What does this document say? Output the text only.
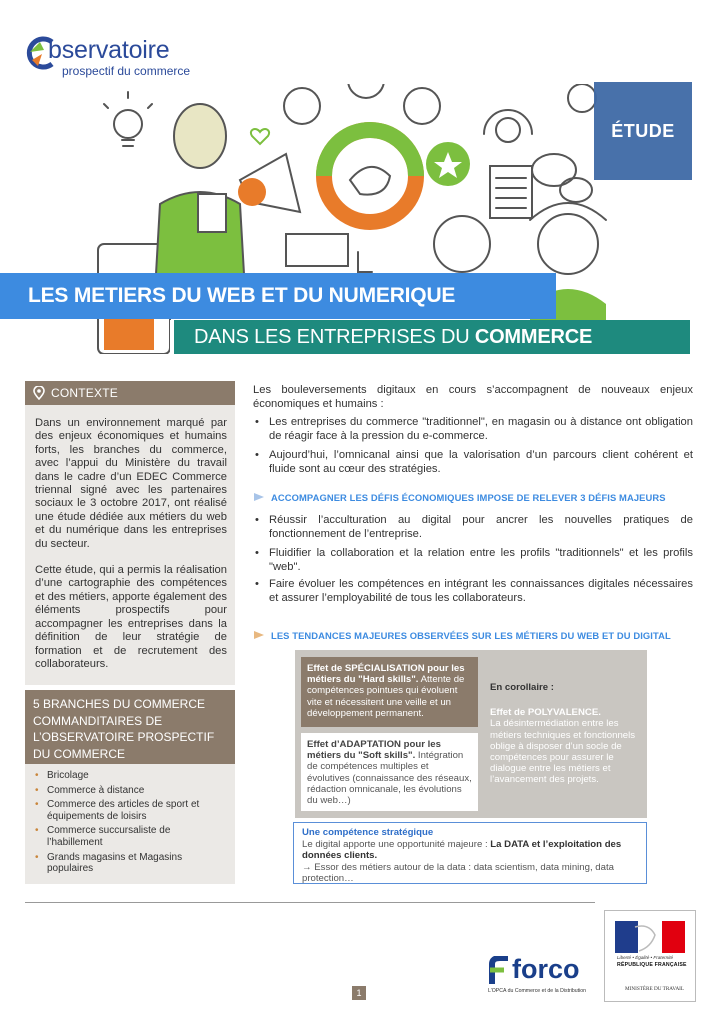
bservatoire
prospectif du commerce
ÉTUDE
LES METIERS DU WEB ET DU NUMERIQUE
DANS LES ENTREPRISES DU COMMERCE
CONTEXTE

Dans un environnement marqué par des enjeux économiques et humains forts, les branches du commerce, avec l’appui du Ministère du travail dans le cadre d’un EDEC Commerce triennal signé avec les partenaires sociaux le 3 octobre 2017, ont réalisé une étude dédiée aux métiers du web et du numérique dans les entreprises du secteur.

Cette étude, qui a permis la réalisation d’une cartographie des compétences et des métiers, apporte également des éléments prospectifs pour accompagner les entreprises dans la définition de leur stratégie de formation et de recrutement des collaborateurs.

5 BRANCHES DU COMMERCE COMMANDITAIRES DE L’OBSERVATOIRE PROSPECTIF DU COMMERCE
• Bricolage
• Commerce à distance
• Commerce des articles de sport et équipements de loisirs
• Commerce succursaliste de l’habillement
• Grands magasins et Magasins populaires
Les bouleversements digitaux en cours s’accompagnent de nouveaux enjeux économiques et humains :
• Les entreprises du commerce "traditionnel", en magasin ou à distance ont obligation de réagir face à la pression du e-commerce.
• Aujourd’hui, l’omnicanal ainsi que la valorisation d’un parcours client cohérent et fluide sont au cœur des stratégies.
ACCOMPAGNER LES DÉFIS ÉCONOMIQUES IMPOSE DE RELEVER 3 DÉFIS MAJEURS
• Réussir l’acculturation au digital pour ancrer les nouvelles pratiques de fonctionnement de l’entreprise.
• Fluidifier la collaboration et la relation entre les profils "traditionnels" et les profils "web".
• Faire évoluer les compétences en intégrant les connaissances digitales nécessaires et assurer l’employabilité de tous les collaborateurs.
LES TENDANCES MAJEURES OBSERVÉES SUR LES MÉTIERS DU WEB ET DU DIGITAL
Effet de SPÉCIALISATION pour les métiers du "Hard skills". Attente de compétences pointues qui évoluent vite et nécessitent une veille et un développement permanent.
Effet d’ADAPTATION pour les métiers du "Soft skills". Intégration de compétences multiples et évolutives (connaissance des réseaux, rédaction omnicanale, les évolutions du web…)
En corollaire :
Effet de POLYVALENCE.
La désintermédiation entre les métiers techniques et fonctionnels oblige à disposer d’un socle de compétences pour assurer le dialogue entre les métiers et l’avancement des projets.
Une compétence stratégique
Le digital apporte une opportunité majeure : La DATA et l’exploitation des données clients.
→ Essor des métiers autour de la data : data scientism, data mining, data protection…
1
forco
L’OPCA du Commerce et de la Distribution
Liberté • Égalité • Fraternité
RÉPUBLIQUE FRANÇAISE
MINISTÈRE DU TRAVAIL
